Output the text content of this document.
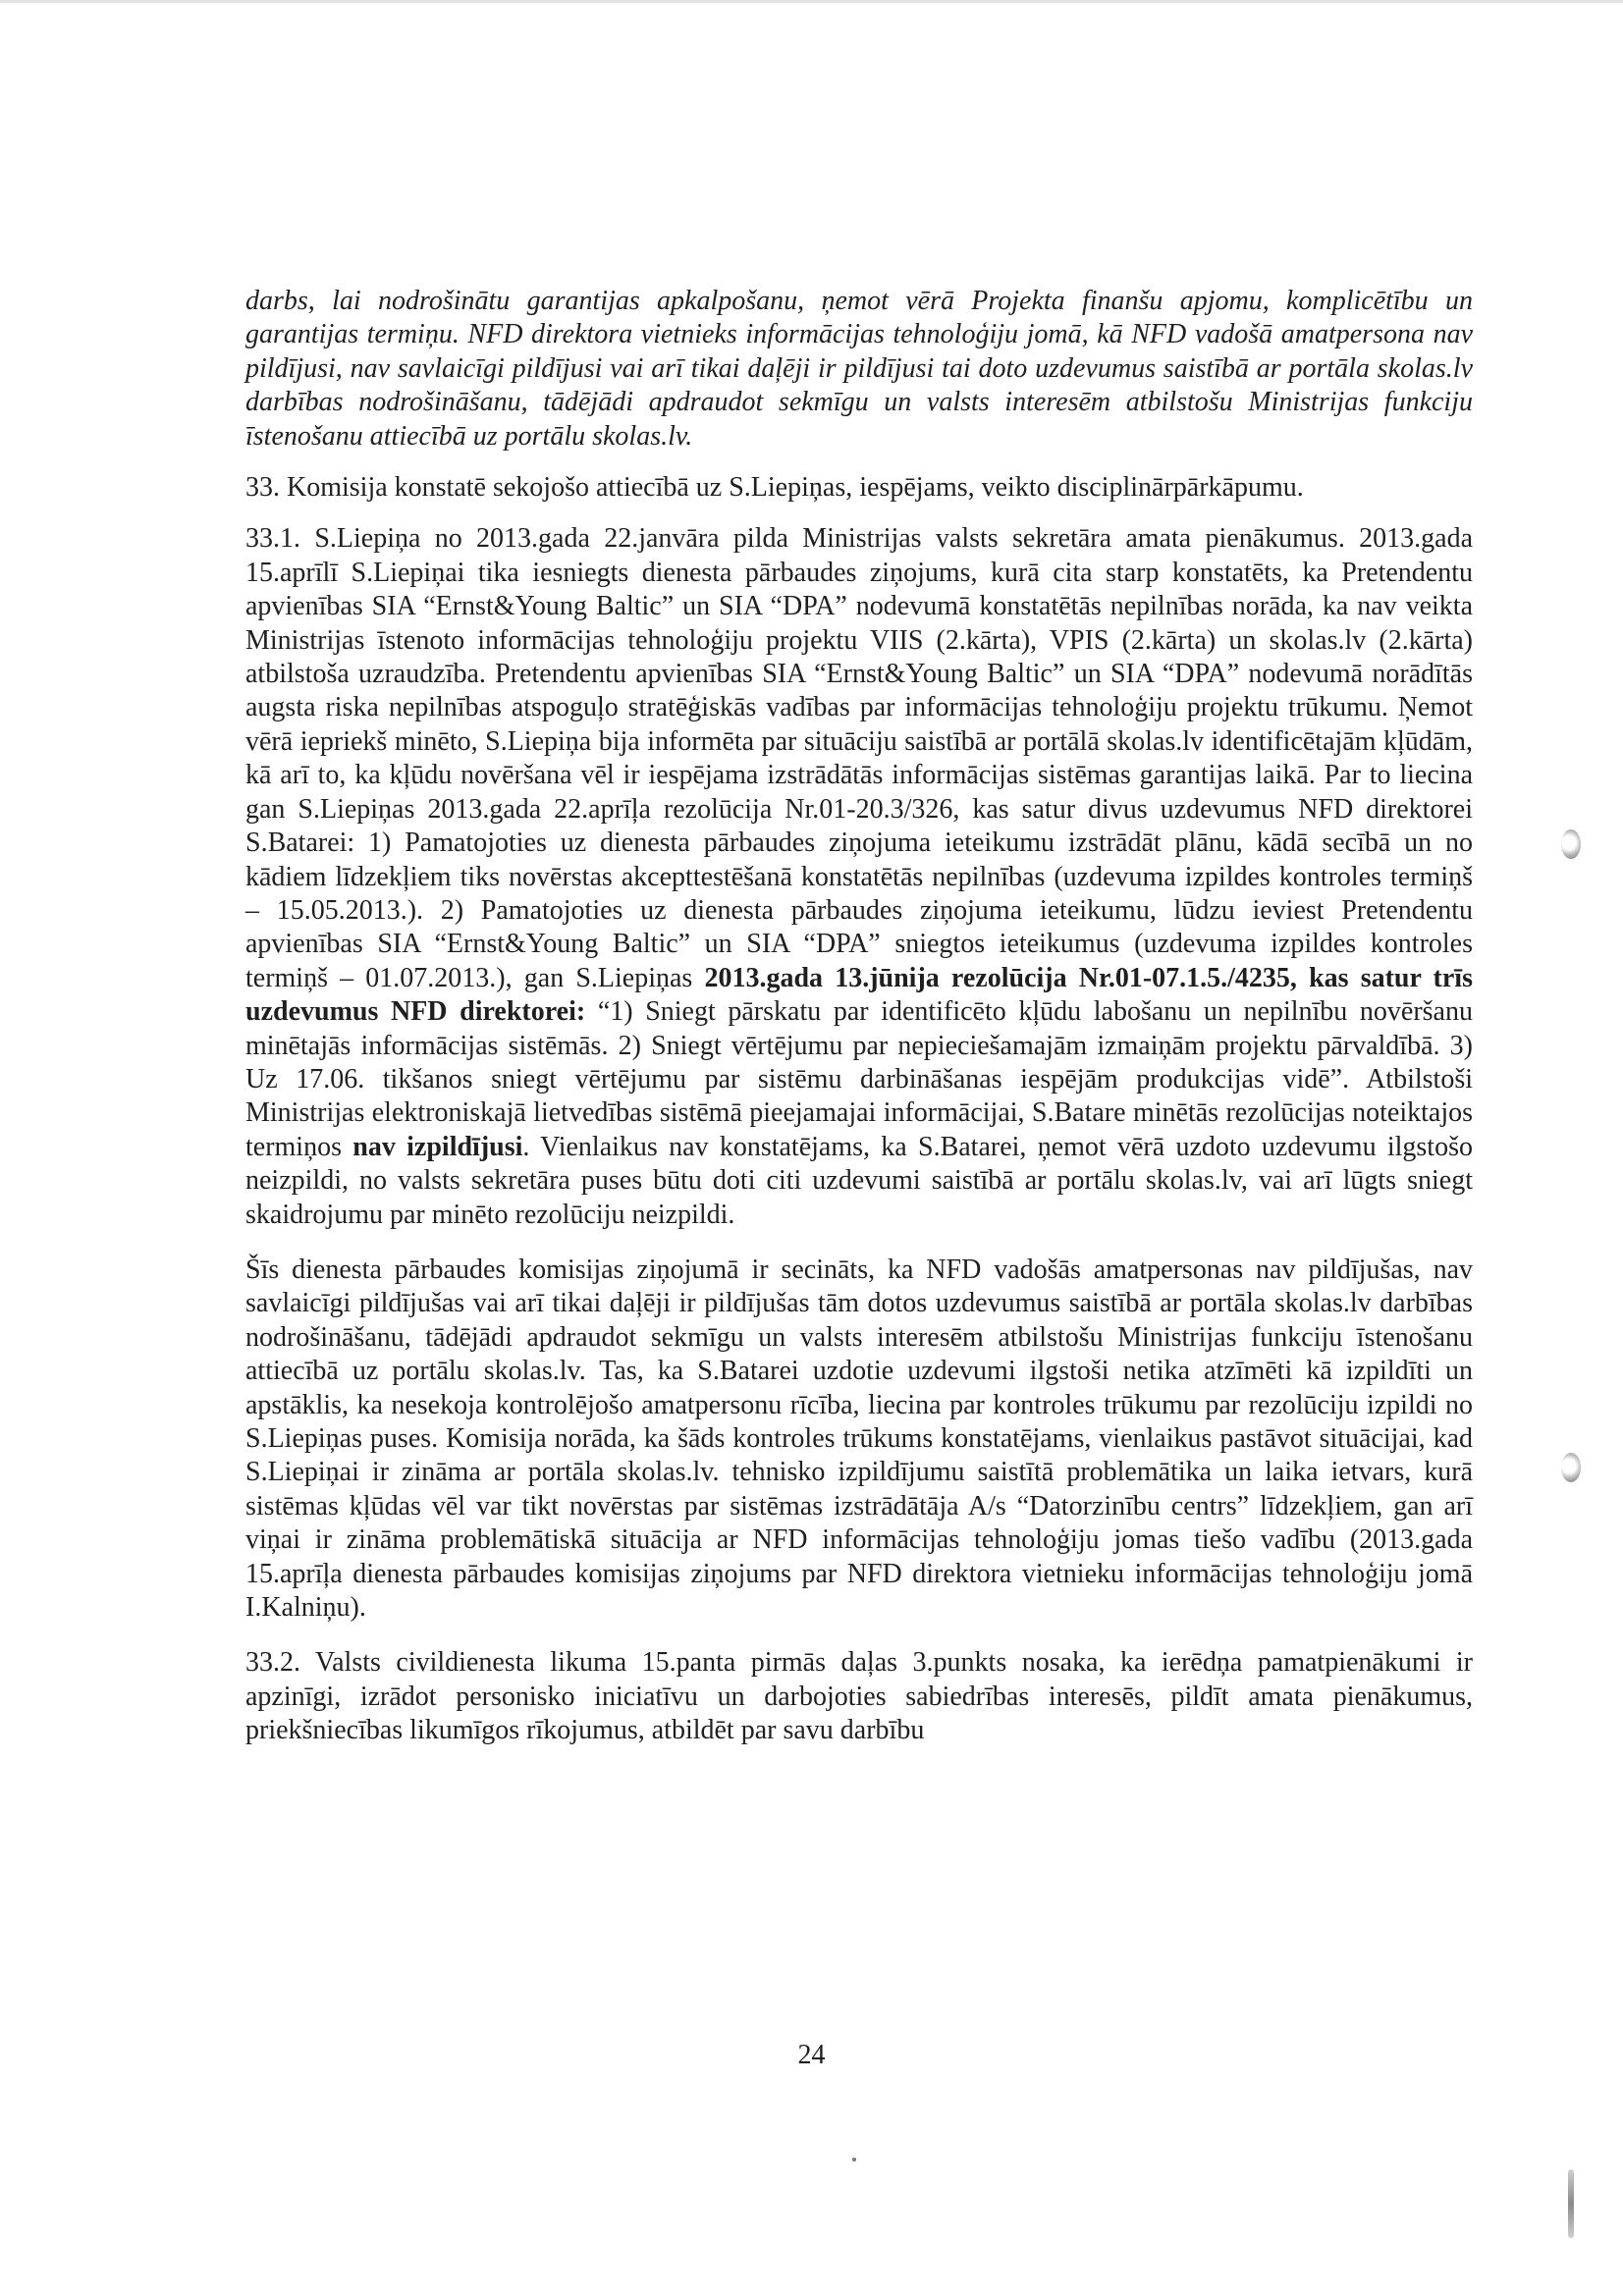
darbs, lai nodrošinātu garantijas apkalpošanu, ņemot vērā Projekta finanšu apjomu, komplicētību un garantijas termiņu. NFD direktora vietnieks informācijas tehnoloģiju jomā, kā NFD vadošā amatpersona nav pildījusi, nav savlaicīgi pildījusi vai arī tikai daļēji ir pildījusi tai doto uzdevumus saistībā ar portāla skolas.lv darbības nodrošināšanu, tādējādi apdraudot sekmīgu un valsts interesēm atbilstošu Ministrijas funkciju īstenošanu attiecībā uz portālu skolas.lv.

33. Komisija konstatē sekojošo attiecībā uz S.Liepiņas, iespējams, veikto disciplinārpārkāpumu.

33.1. S.Liepiņa no 2013.gada 22.janvāra pilda Ministrijas valsts sekretāra amata pienākumus. 2013.gada 15.aprīlī S.Liepiņai tika iesniegts dienesta pārbaudes ziņojums, kurā cita starp konstatēts, ka Pretendentu apvienības SIA “Ernst&Young Baltic” un SIA “DPA” nodevumā konstatētās nepilnības norāda, ka nav veikta Ministrijas īstenoto informācijas tehnoloģiju projektu VIIS (2.kārta), VPIS (2.kārta) un skolas.lv (2.kārta) atbilstoša uzraudzība. Pretendentu apvienības SIA “Ernst&Young Baltic” un SIA “DPA” nodevumā norādītās augsta riska nepilnības atspoguļo stratēģiskās vadības par informācijas tehnoloģiju projektu trūkumu. Ņemot vērā iepriekš minēto, S.Liepiņa bija informēta par situāciju saistībā ar portālā skolas.lv identificētajām kļūdām, kā arī to, ka kļūdu novēršana vēl ir iespējama izstrādātās informācijas sistēmas garantijas laikā. Par to liecina gan S.Liepiņas 2013.gada 22.aprīļa rezolūcija Nr.01-20.3/326, kas satur divus uzdevumus NFD direktorei S.Batarei: 1) Pamatojoties uz dienesta pārbaudes ziņojuma ieteikumu izstrādāt plānu, kādā secībā un no kādiem līdzekļiem tiks novērstas akcepttestēšanā konstatētās nepilnības (uzdevuma izpildes kontroles termiņš – 15.05.2013.). 2) Pamatojoties uz dienesta pārbaudes ziņojuma ieteikumu, lūdzu ieviest Pretendentu apvienības SIA “Ernst&Young Baltic” un SIA “DPA” sniegtos ieteikumus (uzdevuma izpildes kontroles termiņš – 01.07.2013.), gan S.Liepiņas 2013.gada 13.jūnija rezolūcija Nr.01-07.1.5./4235, kas satur trīs uzdevumus NFD direktorei: “1) Sniegt pārskatu par identificēto kļūdu labošanu un nepilnību novēršanu minētajās informācijas sistēmās. 2) Sniegt vērtējumu par nepieciešamajām izmaiņām projektu pārvaldībā. 3) Uz 17.06. tikšanos sniegt vērtējumu par sistēmu darbināšanas iespējām produkcijas vidē”. Atbilstoši Ministrijas elektroniskajā lietvedības sistēmā pieejamajai informācijai, S.Batare minētās rezolūcijas noteiktajos termiņos nav izpildījusi. Vienlaikus nav konstatējams, ka S.Batarei, ņemot vērā uzdoto uzdevumu ilgstošo neizpildi, no valsts sekretāra puses būtu doti citi uzdevumi saistībā ar portālu skolas.lv, vai arī lūgts sniegt skaidrojumu par minēto rezolūciju neizpildi.

Šīs dienesta pārbaudes komisijas ziņojumā ir secināts, ka NFD vadošās amatpersonas nav pildījušas, nav savlaicīgi pildījušas vai arī tikai daļēji ir pildījušas tām dotos uzdevumus saistībā ar portāla skolas.lv darbības nodrošināšanu, tādējādi apdraudot sekmīgu un valsts interesēm atbilstošu Ministrijas funkciju īstenošanu attiecībā uz portālu skolas.lv. Tas, ka S.Batarei uzdotie uzdevumi ilgstoši netika atzīmēti kā izpildīti un apstāklis, ka nesekoja kontrolējošo amatpersonu rīcība, liecina par kontroles trūkumu par rezolūciju izpildi no S.Liepiņas puses. Komisija norāda, ka šāds kontroles trūkums konstatējams, vienlaikus pastāvot situācijai, kad S.Liepiņai ir zināma ar portāla skolas.lv. tehnisko izpildījumu saistītā problemātika un laika ietvars, kurā sistēmas kļūdas vēl var tikt novērstas par sistēmas izstrādātāja A/s “Datorzinību centrs” līdzekļiem, gan arī viņai ir zināma problemātiskā situācija ar NFD informācijas tehnoloģiju jomas tiešo vadību (2013.gada 15.aprīļa dienesta pārbaudes komisijas ziņojums par NFD direktora vietnieku informācijas tehnoloģiju jomā I.Kalniņu).

33.2. Valsts civildienesta likuma 15.panta pirmās daļas 3.punkts nosaka, ka ierēdņa pamatpienākumi ir apzinīgi, izrādot personisko iniciatīvu un darbojoties sabiedrības interesēs, pildīt amata pienākumus, priekšniecības likumīgos rīkojumus, atbildēt par savu darbību

24
